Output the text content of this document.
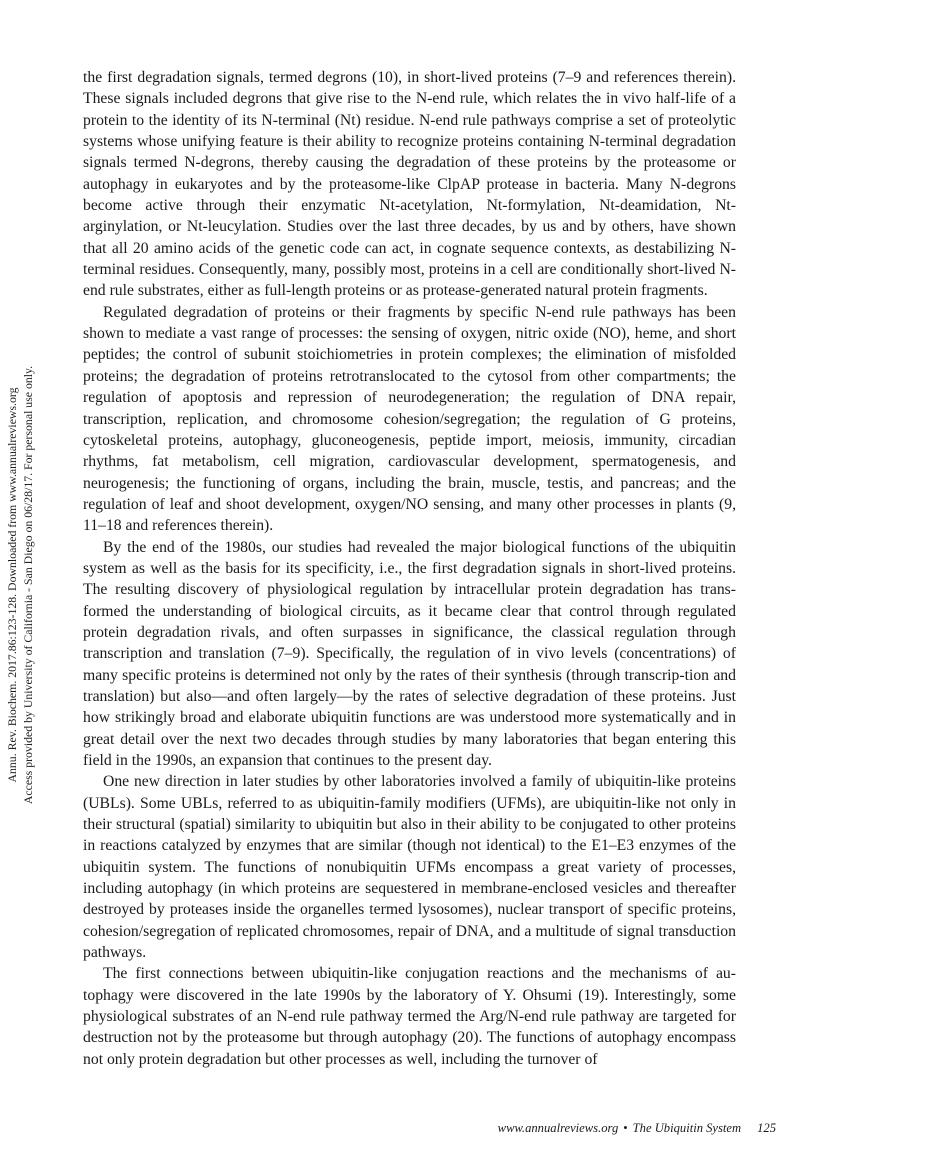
Annu. Rev. Biochem. 2017.86:123-128. Downloaded from www.annualreviews.org Access provided by University of California - San Diego on 06/28/17. For personal use only.

the first degradation signals, termed degrons (10), in short-lived proteins (7–9 and references therein). These signals included degrons that give rise to the N-end rule, which relates the in vivo half-life of a protein to the identity of its N-terminal (Nt) residue. N-end rule pathways comprise a set of proteolytic systems whose unifying feature is their ability to recognize proteins containing N-terminal degradation signals termed N-degrons, thereby causing the degradation of these proteins by the proteasome or autophagy in eukaryotes and by the proteasome-like ClpAP protease in bacteria. Many N-degrons become active through their enzymatic Nt-acetylation, Nt-formylation, Nt-deamidation, Nt-arginylation, or Nt-leucylation. Studies over the last three decades, by us and by others, have shown that all 20 amino acids of the genetic code can act, in cognate sequence contexts, as destabilizing N-terminal residues. Consequently, many, possibly most, proteins in a cell are conditionally short-lived N-end rule substrates, either as full-length proteins or as protease-generated natural protein fragments.

Regulated degradation of proteins or their fragments by specific N-end rule pathways has been shown to mediate a vast range of processes: the sensing of oxygen, nitric oxide (NO), heme, and short peptides; the control of subunit stoichiometries in protein complexes; the elimination of misfolded proteins; the degradation of proteins retrotranslocated to the cytosol from other compartments; the regulation of apoptosis and repression of neurodegeneration; the regulation of DNA repair, transcription, replication, and chromosome cohesion/segregation; the regulation of G proteins, cytoskeletal proteins, autophagy, gluconeogenesis, peptide import, meiosis, immunity, circadian rhythms, fat metabolism, cell migration, cardiovascular development, spermatogenesis, and neurogenesis; the functioning of organs, including the brain, muscle, testis, and pancreas; and the regulation of leaf and shoot development, oxygen/NO sensing, and many other processes in plants (9, 11–18 and references therein).

By the end of the 1980s, our studies had revealed the major biological functions of the ubiquitin system as well as the basis for its specificity, i.e., the first degradation signals in short-lived proteins. The resulting discovery of physiological regulation by intracellular protein degradation has trans-formed the understanding of biological circuits, as it became clear that control through regulated protein degradation rivals, and often surpasses in significance, the classical regulation through transcription and translation (7–9). Specifically, the regulation of in vivo levels (concentrations) of many specific proteins is determined not only by the rates of their synthesis (through transcrip-tion and translation) but also—and often largely—by the rates of selective degradation of these proteins. Just how strikingly broad and elaborate ubiquitin functions are was understood more systematically and in great detail over the next two decades through studies by many laboratories that began entering this field in the 1990s, an expansion that continues to the present day.

One new direction in later studies by other laboratories involved a family of ubiquitin-like proteins (UBLs). Some UBLs, referred to as ubiquitin-family modifiers (UFMs), are ubiquitin-like not only in their structural (spatial) similarity to ubiquitin but also in their ability to be conjugated to other proteins in reactions catalyzed by enzymes that are similar (though not identical) to the E1–E3 enzymes of the ubiquitin system. The functions of nonubiquitin UFMs encompass a great variety of processes, including autophagy (in which proteins are sequestered in membrane-enclosed vesicles and thereafter destroyed by proteases inside the organelles termed lysosomes), nuclear transport of specific proteins, cohesion/segregation of replicated chromosomes, repair of DNA, and a multitude of signal transduction pathways.

The first connections between ubiquitin-like conjugation reactions and the mechanisms of au-tophagy were discovered in the late 1990s by the laboratory of Y. Ohsumi (19). Interestingly, some physiological substrates of an N-end rule pathway termed the Arg/N-end rule pathway are targeted for destruction not by the proteasome but through autophagy (20). The functions of autophagy encompass not only protein degradation but other processes as well, including the turnover of

www.annualreviews.org • The Ubiquitin System 125
